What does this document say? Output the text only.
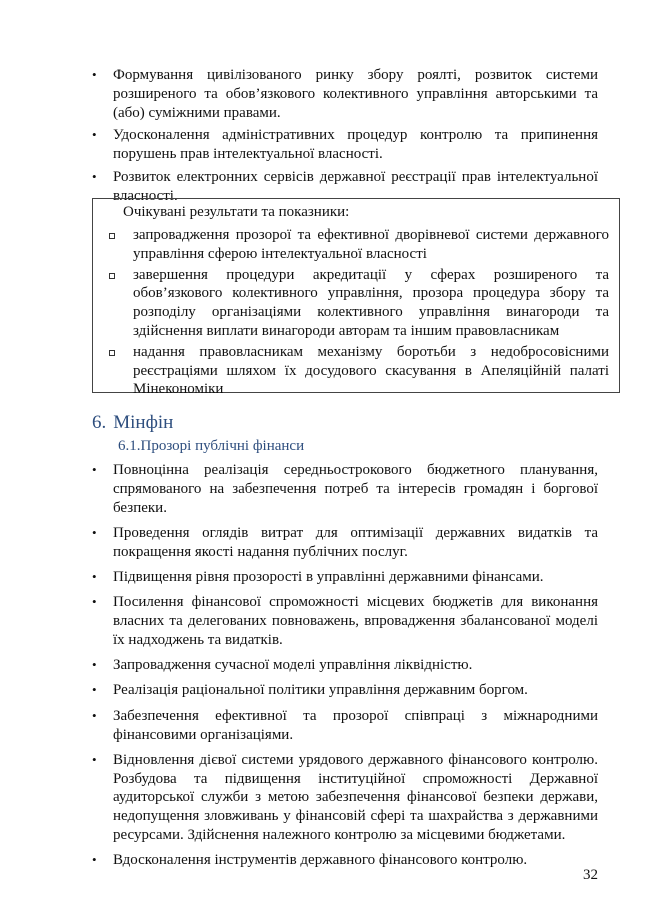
• Формування цивілізованого ринку збору роялті, розвиток системи розширеного та обов’язкового колективного управління авторськими та (або) суміжними правами.
• Удосконалення адміністративних процедур контролю та припинення порушень прав інтелектуальної власності.
• Розвиток електронних сервісів державної реєстрації прав інтелектуальної власності.
Очікувані результати та показники:
запровадження прозорої та ефективної дворівневої системи державного управління сферою інтелектуальної власності
завершення процедури акредитації у сферах розширеного та обов’язкового колективного управління, прозора процедура збору та розподілу організаціями колективного управління винагороди та здійснення виплати винагороди авторам та іншим правовласникам
надання правовласникам механізму боротьби з недобросовісними реєстраціями шляхом їх досудового скасування в Апеляційній палаті Мінекономіки
6. Мінфін
6.1.Прозорі публічні фінанси
• Повноцінна реалізація середньострокового бюджетного планування, спрямованого на забезпечення потреб та інтересів громадян і боргової безпеки.
• Проведення оглядів витрат для оптимізації державних видатків та покращення якості надання публічних послуг.
• Підвищення рівня прозорості в управлінні державними фінансами.
• Посилення фінансової спроможності місцевих бюджетів для виконання власних та делегованих повноважень, впровадження збалансованої моделі їх надходжень та видатків.
• Запровадження сучасної моделі управління ліквідністю.
• Реалізація раціональної політики управління державним боргом.
• Забезпечення ефективної та прозорої співпраці з міжнародними фінансовими організаціями.
• Відновлення дієвої системи урядового державного фінансового контролю. Розбудова та підвищення інституційної спроможності Державної аудиторської служби з метою забезпечення фінансової безпеки держави, недопущення зловживань у фінансовій сфері та шахрайства з державними ресурсами. Здійснення належного контролю за місцевими бюджетами.
• Вдосконалення інструментів державного фінансового контролю.
32
